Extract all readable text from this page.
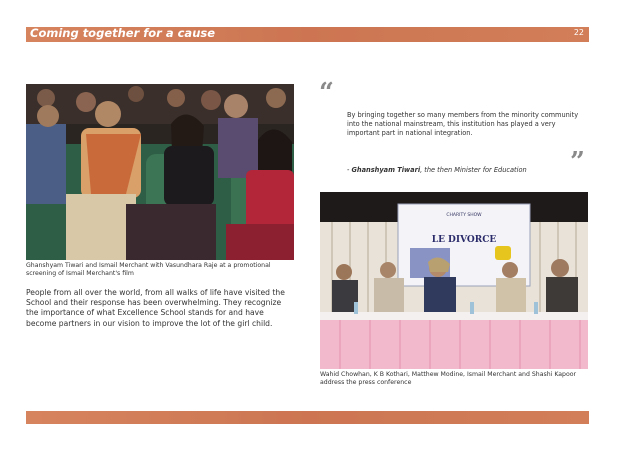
Coming together for a cause	22
Ghanshyam Tiwari and Ismail Merchant with Vasundhara Raje at a promotional screening of Ismail Merchant's film
People from all over the world, from all walks of life have visited the School and their response has been overwhelming. They recognize the importance of what Excellence School stands for and have become partners in our vision to improve the lot of the girl child.
“
By bringing together so many members from the minority community into the national mainstream, this institution has played a very important part in national integration.
- Ghanshyam Tiwari, the then Minister for Education	”
CHARITY SHOW
LE DIVORCE
Wahid Chowhan, K B Kothari, Matthew Modine, Ismail Merchant and Shashi Kapoor address the press conference
